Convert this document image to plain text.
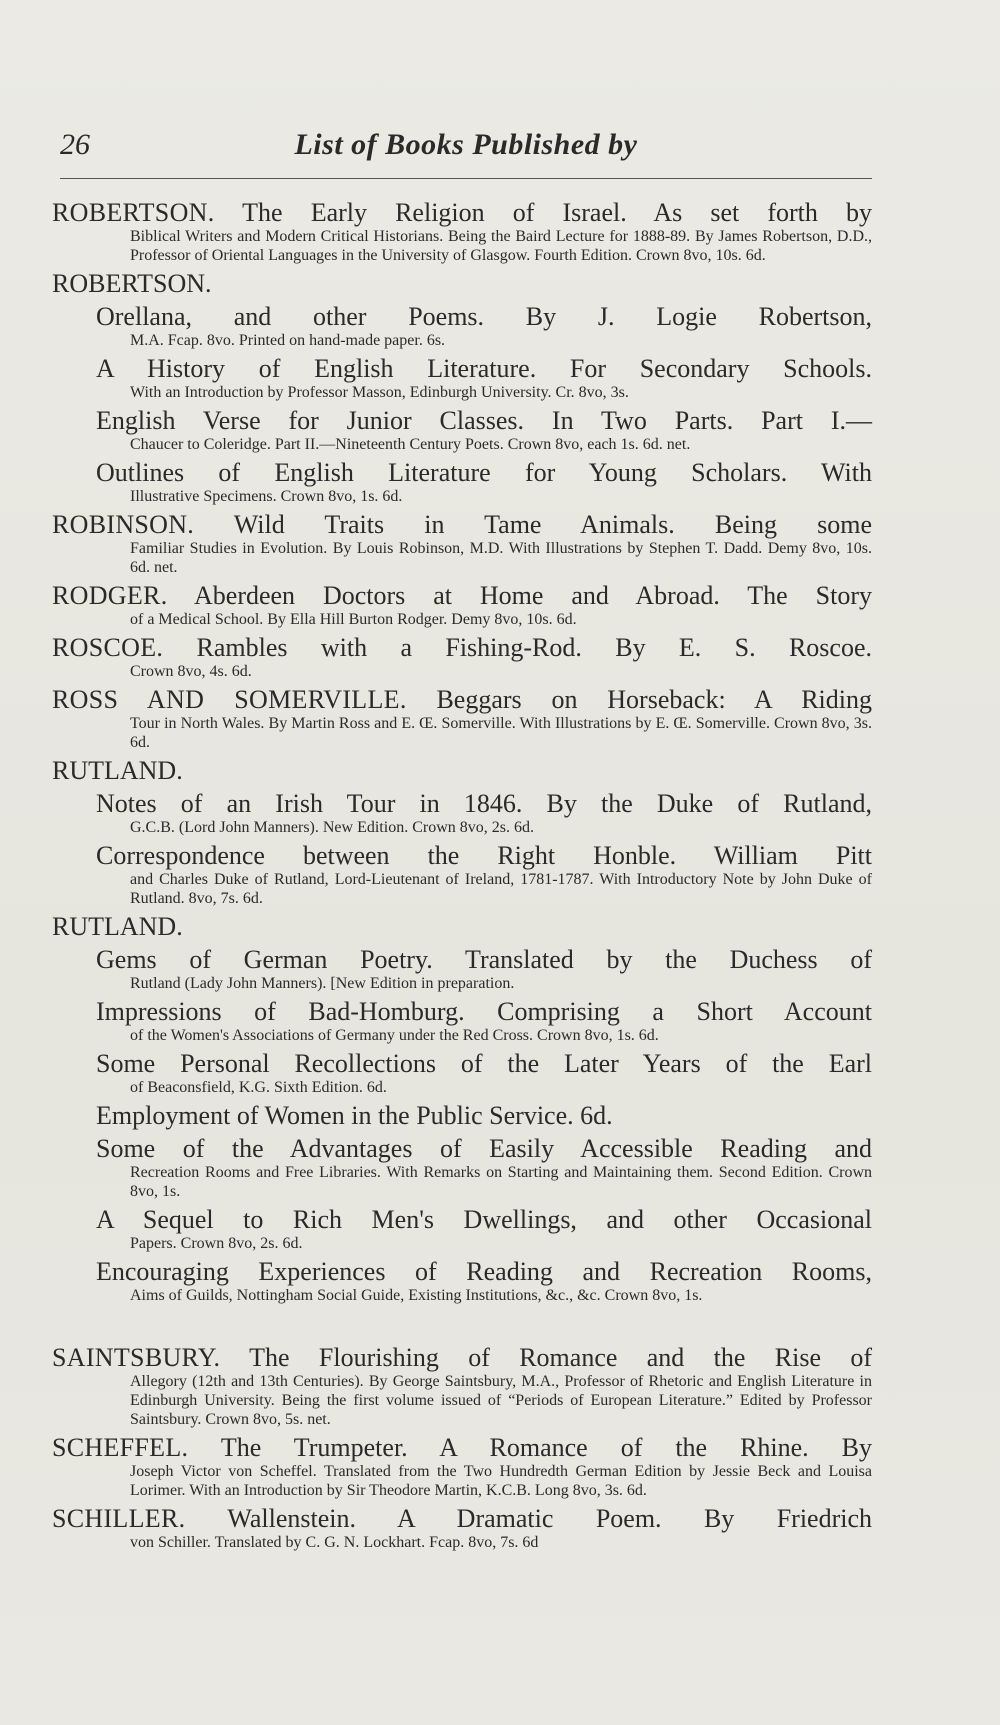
26	List of Books Published by

ROBERTSON. The Early Religion of Israel. As set forth by

Biblical Writers and Modern Critical Historians. Being the Baird Lecture for 1888-89. By James Robertson, D.D., Professor of Oriental Languages in the University of Glasgow. Fourth Edition. Crown 8vo, 10s. 6d.

ROBERTSON.

Orellana, and other Poems. By J. Logie Robertson,

M.A. Fcap. 8vo. Printed on hand-made paper. 6s.

A History of English Literature. For Secondary Schools.

With an Introduction by Professor Masson, Edinburgh University. Cr. 8vo, 3s.

English Verse for Junior Classes. In Two Parts. Part I.—

Chaucer to Coleridge. Part II.—Nineteenth Century Poets. Crown 8vo, each 1s. 6d. net.

Outlines of English Literature for Young Scholars. With

Illustrative Specimens. Crown 8vo, 1s. 6d.

ROBINSON. Wild Traits in Tame Animals. Being some

Familiar Studies in Evolution. By Louis Robinson, M.D. With Illustrations by Stephen T. Dadd. Demy 8vo, 10s. 6d. net.

RODGER. Aberdeen Doctors at Home and Abroad. The Story

of a Medical School. By Ella Hill Burton Rodger. Demy 8vo, 10s. 6d.

ROSCOE. Rambles with a Fishing-Rod. By E. S. Roscoe.

Crown 8vo, 4s. 6d.

ROSS AND SOMERVILLE. Beggars on Horseback: A Riding

Tour in North Wales. By Martin Ross and E. Œ. Somerville. With Illustrations by E. Œ. Somerville. Crown 8vo, 3s. 6d.

RUTLAND.

Notes of an Irish Tour in 1846. By the Duke of Rutland,

G.C.B. (Lord John Manners). New Edition. Crown 8vo, 2s. 6d.

Correspondence between the Right Honble. William Pitt

and Charles Duke of Rutland, Lord-Lieutenant of Ireland, 1781-1787. With Introductory Note by John Duke of Rutland. 8vo, 7s. 6d.

RUTLAND.

Gems of German Poetry. Translated by the Duchess of

Rutland (Lady John Manners). [New Edition in preparation.

Impressions of Bad-Homburg. Comprising a Short Account

of the Women's Associations of Germany under the Red Cross. Crown 8vo, 1s. 6d.

Some Personal Recollections of the Later Years of the Earl

of Beaconsfield, K.G. Sixth Edition. 6d.

Employment of Women in the Public Service. 6d.

Some of the Advantages of Easily Accessible Reading and

Recreation Rooms and Free Libraries. With Remarks on Starting and Maintaining them. Second Edition. Crown 8vo, 1s.

A Sequel to Rich Men's Dwellings, and other Occasional

Papers. Crown 8vo, 2s. 6d.

Encouraging Experiences of Reading and Recreation Rooms,

Aims of Guilds, Nottingham Social Guide, Existing Institutions, &c., &c. Crown 8vo, 1s.

SAINTSBURY. The Flourishing of Romance and the Rise of

Allegory (12th and 13th Centuries). By George Saintsbury, M.A., Professor of Rhetoric and English Literature in Edinburgh University. Being the first volume issued of “Periods of European Literature.” Edited by Professor Saintsbury. Crown 8vo, 5s. net.

SCHEFFEL. The Trumpeter. A Romance of the Rhine. By

Joseph Victor von Scheffel. Translated from the Two Hundredth German Edition by Jessie Beck and Louisa Lorimer. With an Introduction by Sir Theodore Martin, K.C.B. Long 8vo, 3s. 6d.

SCHILLER. Wallenstein. A Dramatic Poem. By Friedrich

von Schiller. Translated by C. G. N. Lockhart. Fcap. 8vo, 7s. 6d
